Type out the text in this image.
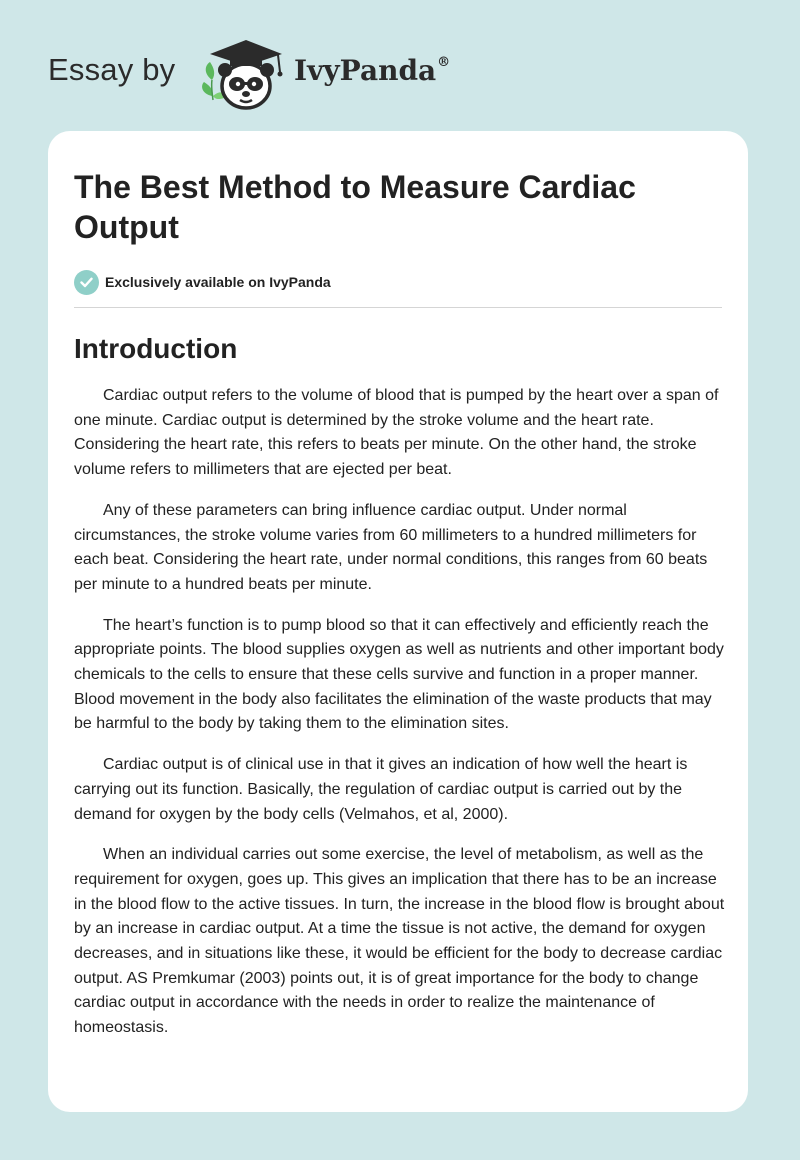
Essay by	IvyPanda®
The Best Method to Measure Cardiac Output
Exclusively available on IvyPanda
Introduction

Cardiac output refers to the volume of blood that is pumped by the heart over a span of one minute. Cardiac output is determined by the stroke volume and the heart rate. Considering the heart rate, this refers to beats per minute. On the other hand, the stroke volume refers to millimeters that are ejected per beat.

Any of these parameters can bring influence cardiac output. Under normal circumstances, the stroke volume varies from 60 millimeters to a hundred millimeters for each beat. Considering the heart rate, under normal conditions, this ranges from 60 beats per minute to a hundred beats per minute.

The heart’s function is to pump blood so that it can effectively and efficiently reach the appropriate points. The blood supplies oxygen as well as nutrients and other important body chemicals to the cells to ensure that these cells survive and function in a proper manner. Blood movement in the body also facilitates the elimination of the waste products that may be harmful to the body by taking them to the elimination sites.

Cardiac output is of clinical use in that it gives an indication of how well the heart is carrying out its function. Basically, the regulation of cardiac output is carried out by the demand for oxygen by the body cells (Velmahos, et al, 2000).

When an individual carries out some exercise, the level of metabolism, as well as the requirement for oxygen, goes up. This gives an implication that there has to be an increase in the blood flow to the active tissues. In turn, the increase in the blood flow is brought about by an increase in cardiac output. At a time the tissue is not active, the demand for oxygen decreases, and in situations like these, it would be efficient for the body to decrease cardiac output. AS Premkumar (2003) points out, it is of great importance for the body to change cardiac output in accordance with the needs in order to realize the maintenance of homeostasis.
